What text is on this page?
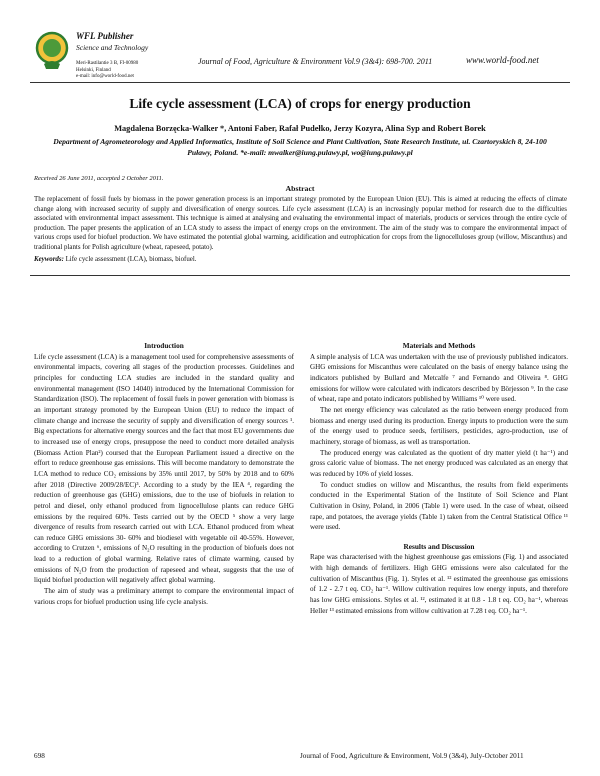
WFL Publisher
Science and Technology
Meri-Rastilantie 3 B, FI-00980
Helsinki, Finland
e-mail: info@world-food.net
Journal of Food, Agriculture & Environment Vol.9 (3&4): 698-700. 2011	www.world-food.net
Life cycle assessment (LCA) of crops for energy production
Magdalena Borzęcka-Walker *, Antoni Faber, Rafał Pudełko, Jerzy Kozyra, Alina Syp and Robert Borek
Department of Agrometeorology and Applied Informatics, Institute of Soil Science and Plant Cultivation, State Research Institute, ul. Czartoryskich 8, 24-100 Puławy, Poland. *e-mail: mwalker@iung.pulawy.pl, wo@iung.pulawy.pl
Received 26 June 2011, accepted 2 October 2011.
Abstract
The replacement of fossil fuels by biomass in the power generation process is an important strategy promoted by the European Union (EU). This is aimed at reducing the effects of climate change along with increased security of supply and diversification of energy sources. Life cycle assessment (LCA) is an increasingly popular method for research due to the difficulties associated with environmental impact assessment. This technique is aimed at analysing and evaluating the environmental impact of materials, products or services through the entire cycle of production. The paper presents the application of an LCA study to assess the impact of energy crops on the environment. The aim of the study was to compare the environmental impact of various crops used for biofuel production. We have estimated the potential global warming, acidification and eutrophication for crops from the lignocelluloses group (willow, Miscanthus) and traditional plants for Polish agriculture (wheat, rapeseed, potato).
Keywords: Life cycle assessment (LCA), biomass, biofuel.
Introduction

Life cycle assessment (LCA) is a management tool used for comprehensive assessments of environmental impacts, covering all stages of the production processes. Guidelines and principles for conducting LCA studies are included in the standard quality and environmental management (ISO 14040) introduced by the International Commission for Standardization (ISO). The replacement of fossil fuels in power generation with biomass is an important strategy promoted by the European Union (EU) to reduce the impact of climate change and increase the security of supply and diversification of energy sources ¹. Big expectations for alternative energy sources and the fact that most EU governments due to increased use of energy crops, presuppose the need to conduct more detailed analysis (Biomass Action Plan²) coursed that the European Parliament issued a directive on the effort to reduce greenhouse gas emissions. This will become mandatory to demonstrate the LCA method to reduce CO₂ emissions by 35% until 2017, by 50% by 2018 and to 60% after 2018 (Directive 2009/28/EC)³. According to a study by the IEA ⁴, regarding the reduction of greenhouse gas (GHG) emissions, due to the use of biofuels in relation to petrol and diesel, only ethanol produced from lignocellulose plants can reduce GHG emissions by the required 60%. Tests carried out by the OECD ⁵ show a very large divergence of results from research carried out with LCA. Ethanol produced from wheat can reduce GHG emissions 30- 60% and biodiesel with vegetable oil 40-55%. However, according to Crutzen ⁶, emissions of N₂O resulting in the production of biofuels does not lead to a reduction of global warming. Relative rates of climate warming, caused by emissions of N₂O from the production of rapeseed and wheat, suggests that the use of liquid biofuel production will negatively affect global warming.

The aim of study was a preliminary attempt to compare the environmental impact of various crops for biofuel production using life cycle analysis.

Materials and Methods

A simple analysis of LCA was undertaken with the use of previously published indicators. GHG emissions for Miscanthus were calculated on the basis of energy balance using the indicators published by Bullard and Metcalfe ⁷ and Fernando and Oliveira ⁸. GHG emissions for willow were calculated with indicators described by Börjesson ⁹. In the case of wheat, rape and potato indicators published by Williams ¹⁰ were used.

The net energy efficiency was calculated as the ratio between energy produced from biomass and energy used during its production. Energy inputs to production were the sum of the energy used to produce seeds, fertilisers, pesticides, agro-production, use of machinery, storage of biomass, as well as transportation.

The produced energy was calculated as the quotient of dry matter yield (t ha⁻¹) and gross caloric value of biomass. The net energy produced was calculated as an energy that was reduced by 10% of yield losses.

To conduct studies on willow and Miscanthus, the results from field experiments conducted in the Experimental Station of the Institute of Soil Science and Plant Cultivation in Osiny, Poland, in 2006 (Table 1) were used. In the case of wheat, oilseed rape, and potatoes, the average yields (Table 1) taken from the Central Statistical Office ¹¹ were used.

Results and Discussion

Rape was characterised with the highest greenhouse gas emissions (Fig. 1) and associated with high demands of fertilizers. High GHG emissions were also calculated for the cultivation of Miscanthus (Fig. 1). Styles et al. ¹² estimated the greenhouse gas emissions of 1.2 - 2.7 t eq. CO₂ ha⁻¹. Willow cultivation requires low energy inputs, and therefore has low GHG emissions. Styles et al. ¹², estimated it at 0.8 - 1.8 t eq. CO₂ ha⁻¹, whereas Heller ¹³ estimated emissions from willow cultivation at 7.28 t eq. CO₂ ha⁻¹.

698	Journal of Food, Agriculture & Environment, Vol.9 (3&4), July-October 2011
